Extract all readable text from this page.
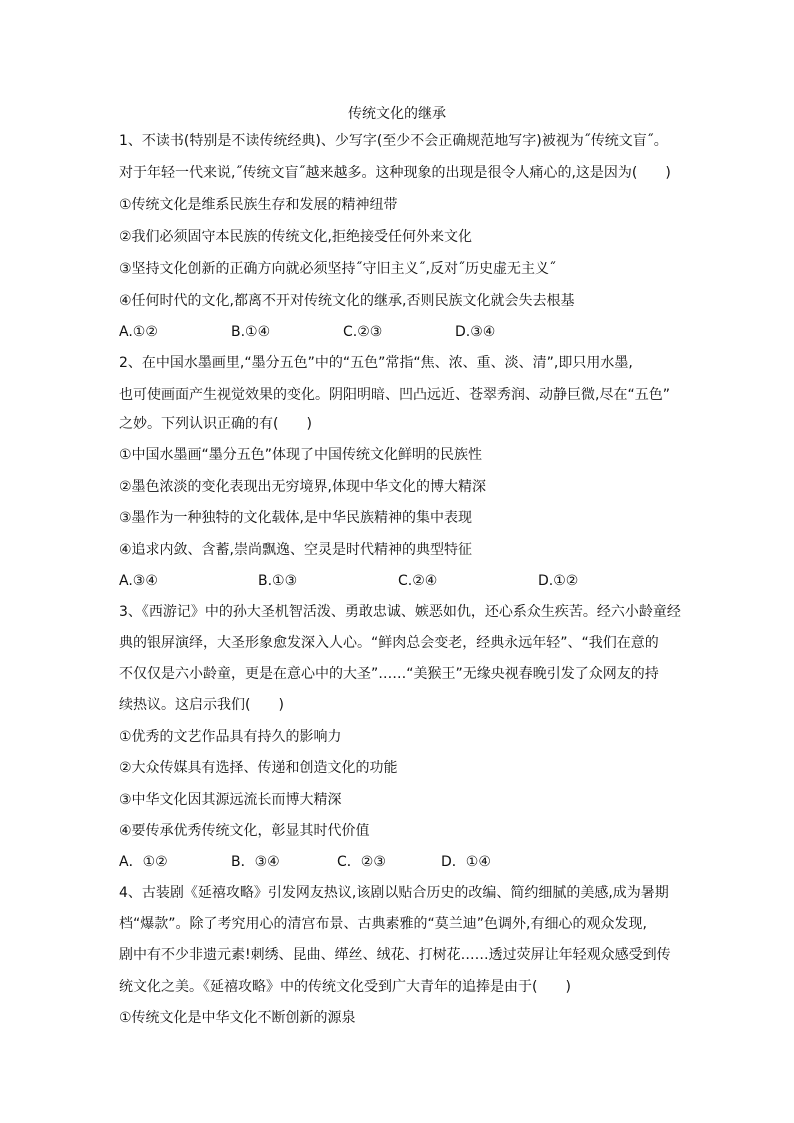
传统文化的继承
1、不读书(特别是不读传统经典)、少写字(至少不会正确规范地写字)被视为˝传统文盲˝。
对于年轻一代来说,˝传统文盲˝越来越多。这种现象的出现是很令人痛心的,这是因为(　　)
①传统文化是维系民族生存和发展的精神纽带
②我们必须固守本民族的传统文化,拒绝接受任何外来文化
③坚持文化创新的正确方向就必须坚持˝守旧主义˝,反对˝历史虚无主义˝
④任何时代的文化,都离不开对传统文化的继承,否则民族文化就会失去根基
A.①②	B.①④	C.②③	D.③④
2、在中国水墨画里,“墨分五色”中的“五色”常指“焦、浓、重、淡、清”,即只用水墨,
也可使画面产生视觉效果的变化。阴阳明暗、凹凸远近、苍翠秀润、动静巨微,尽在“五色”
之妙。下列认识正确的有(　　)
①中国水墨画“墨分五色”体现了中国传统文化鲜明的民族性
②墨色浓淡的变化表现出无穷境界,体现中华文化的博大精深
③墨作为一种独特的文化载体,是中华民族精神的集中表现
④追求内敛、含蓄,崇尚飘逸、空灵是时代精神的典型特征
A.③④	B.①③	C.②④	D.①②
3、《西游记》中的孙大圣机智活泼、勇敢忠诚、嫉恶如仇，还心系众生疾苦。经六小龄童经
典的银屏演绎，大圣形象愈发深入人心。“鲜肉总会变老，经典永远年轻”、“我们在意的
不仅仅是六小龄童，更是在意心中的大圣”……“美猴王”无缘央视春晚引发了众网友的持
续热议。这启示我们(　　)
①优秀的文艺作品具有持久的影响力
②大众传媒具有选择、传递和创造文化的功能
③中华文化因其源远流长而博大精深
④要传承优秀传统文化，彰显其时代价值
A．①②	B．③④	C．②③	D．①④
4、古装剧《延禧攻略》引发网友热议,该剧以贴合历史的改编、简约细腻的美感,成为暑期
档“爆款”。除了考究用心的清宫布景、古典素雅的“莫兰迪”色调外,有细心的观众发现,
剧中有不少非遗元素!刺绣、昆曲、缂丝、绒花、打树花……透过荧屏让年轻观众感受到传
统文化之美。《延禧攻略》中的传统文化受到广大青年的追捧是由于(　　)
①传统文化是中华文化不断创新的源泉
